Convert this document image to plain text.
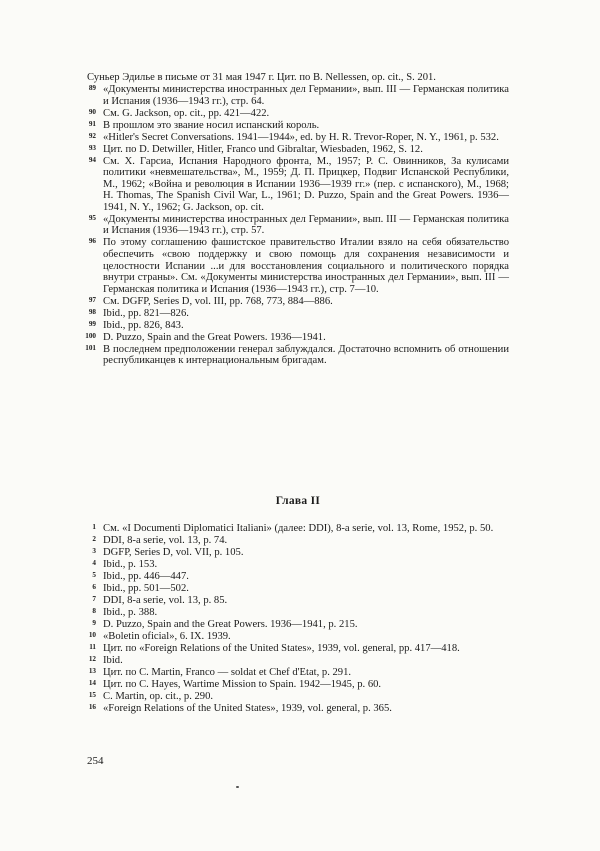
Суньер Эдилье в письме от 31 мая 1947 г. Цит. по B. Nellessen, op. cit., S. 201.
89 «Документы министерства иностранных дел Германии», вып. III — Германская политика и Испания (1936—1943 гг.), стр. 64.
90 См. G. Jackson, op. cit., pp. 421—422.
91 В прошлом это звание носил испанский король.
92 «Hitler's Secret Conversations. 1941—1944», ed. by H. R. Trevor-Roper, N. Y., 1961, p. 532.
93 Цит. по D. Detwiller, Hitler, Franco und Gibraltar, Wiesbaden, 1962, S. 12.
94 См. X. Гарсиа, Испания Народного фронта, М., 1957; Р. С. Овинников, За кулисами политики «невмешательства», М., 1959; Д. П. Прицкер, Подвиг Испанской Республики, М., 1962; «Война и революция в Испании 1936—1939 гг.» (пер. с испанского), М., 1968; H. Thomas, The Spanish Civil War, L., 1961; D. Puzzo, Spain and the Great Powers. 1936—1941, N. Y., 1962; G. Jackson, op. cit.
95 «Документы министерства иностранных дел Германии», вып. III — Германская политика и Испания (1936—1943 гг.), стр. 57.
96 По этому соглашению фашистское правительство Италии взяло на себя обязательство обеспечить «свою поддержку и свою помощь для сохранения независимости и целостности Испании ...и для восстановления социального и политического порядка внутри страны». См. «Документы министерства иностранных дел Германии», вып. III — Германская политика и Испания (1936—1943 гг.), стр. 7—10.
97 См. DGFP, Series D, vol. III, pp. 768, 773, 884—886.
98 Ibid., pp. 821—826.
99 Ibid., pp. 826, 843.
100 D. Puzzo, Spain and the Great Powers. 1936—1941.
101 В последнем предположении генерал заблуждался. Достаточно вспомнить об отношении республиканцев к интернациональным бригадам.
Глава II
1 См. «I Documenti Diplomatici Italiani» (далее: DDI), 8-a serie, vol. 13, Rome, 1952, p. 50.
2 DDI, 8-a serie, vol. 13, p. 74.
3 DGFP, Series D, vol. VII, p. 105.
4 Ibid., p. 153.
5 Ibid., pp. 446—447.
6 Ibid., pp. 501—502.
7 DDI, 8-a serie, vol. 13, p. 85.
8 Ibid., p. 388.
9 D. Puzzo, Spain and the Great Powers. 1936—1941, p. 215.
10 «Boletin oficial», 6. IX. 1939.
11 Цит. по «Foreign Relations of the United States», 1939, vol. general, pp. 417—418.
12 Ibid.
13 Цит. по C. Martin, Franco — soldat et Chef d'Etat, p. 291.
14 Цит. по C. Hayes, Wartime Mission to Spain. 1942—1945, p. 60.
15 C. Martin, op. cit., p. 290.
16 «Foreign Relations of the United States», 1939, vol. general, p. 365.
254
